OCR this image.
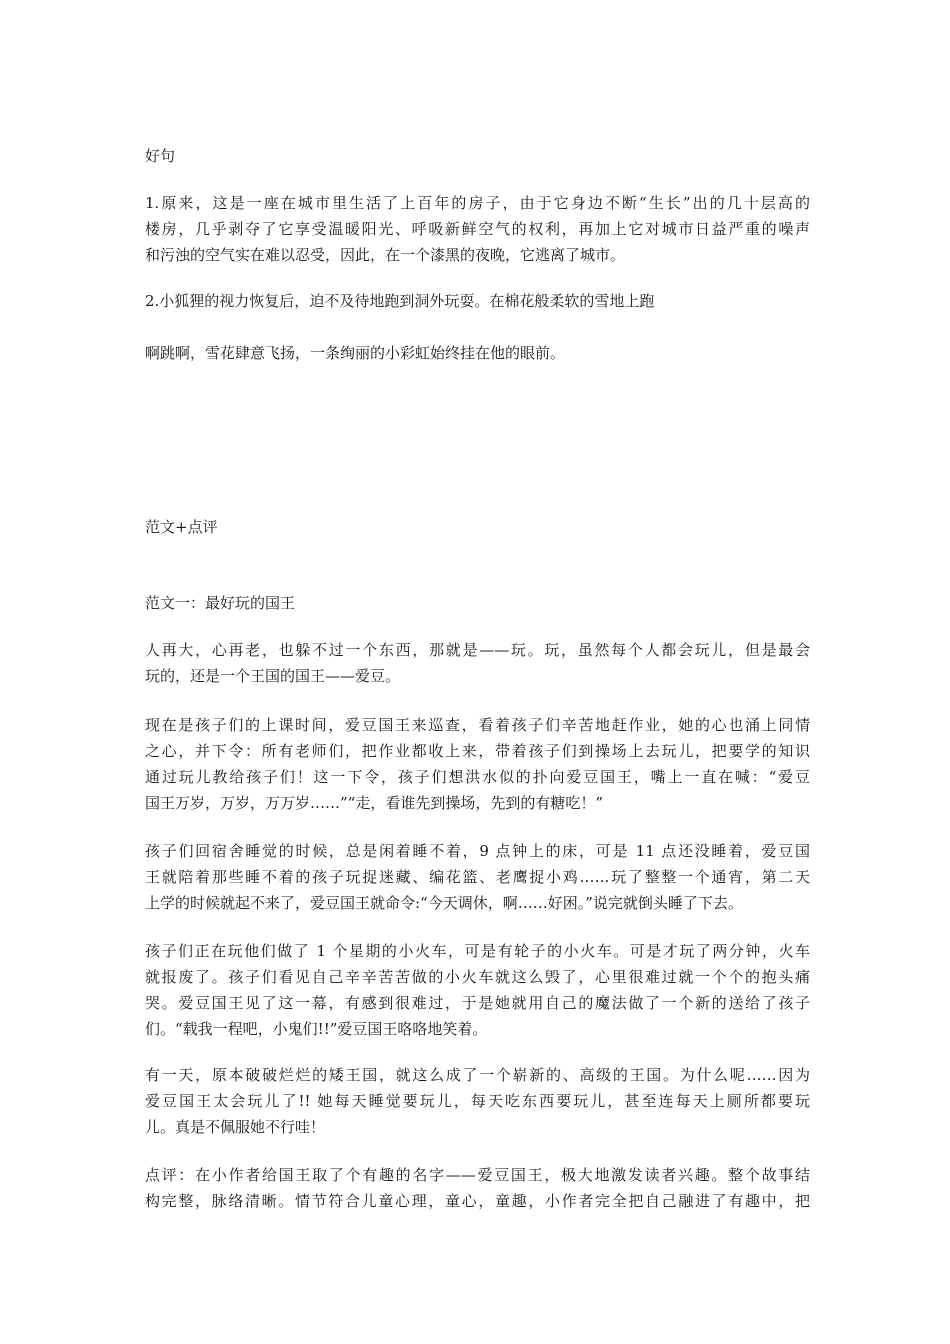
好句
1.原来，这是一座在城市里生活了上百年的房子，由于它身边不断“生长”出的几十层高的
楼房，几乎剥夺了它享受温暖阳光、呼吸新鲜空气的权利，再加上它对城市日益严重的噪声
和污浊的空气实在难以忍受，因此，在一个漆黑的夜晚，它逃离了城市。
2.小狐狸的视力恢复后，迫不及待地跑到洞外玩耍。在棉花般柔软的雪地上跑
啊跳啊，雪花肆意飞扬，一条绚丽的小彩虹始终挂在他的眼前。
范文+点评
范文一：最好玩的国王
人再大，心再老，也躲不过一个东西，那就是——玩。玩，虽然每个人都会玩儿，但是最会
玩的，还是一个王国的国王——爱豆。
现在是孩子们的上课时间，爱豆国王来巡查，看着孩子们辛苦地赶作业，她的心也涌上同情
之心，并下令：所有老师们，把作业都收上来，带着孩子们到操场上去玩儿，把要学的知识
通过玩儿教给孩子们！这一下令，孩子们想洪水似的扑向爱豆国王，嘴上一直在喊：“爱豆
国王万岁，万岁，万万岁……”“走，看谁先到操场，先到的有糖吃！”
孩子们回宿舍睡觉的时候，总是闲着睡不着，9 点钟上的床，可是 11 点还没睡着，爱豆国
王就陪着那些睡不着的孩子玩捉迷藏、编花篮、老鹰捉小鸡……玩了整整一个通宵，第二天
上学的时候就起不来了，爱豆国王就命令:“今天调休，啊……好困。”说完就倒头睡了下去。
孩子们正在玩他们做了 1 个星期的小火车，可是有轮子的小火车。可是才玩了两分钟，火车
就报废了。孩子们看见自己辛辛苦苦做的小火车就这么毁了，心里很难过就一个个的抱头痛
哭。爱豆国王见了这一幕，有感到很难过，于是她就用自己的魔法做了一个新的送给了孩子
们。“载我一程吧，小鬼们!!”爱豆国王咯咯地笑着。
有一天，原本破破烂烂的矮王国，就这么成了一个崭新的、高级的王国。为什么呢……因为
爱豆国王太会玩儿了!! 她每天睡觉要玩儿，每天吃东西要玩儿，甚至连每天上厕所都要玩
儿。真是不佩服她不行哇！
点评：在小作者给国王取了个有趣的名字——爱豆国王，极大地激发读者兴趣。整个故事结
构完整，脉络清晰。情节符合儿童心理，童心，童趣，小作者完全把自己融进了有趣中，把
